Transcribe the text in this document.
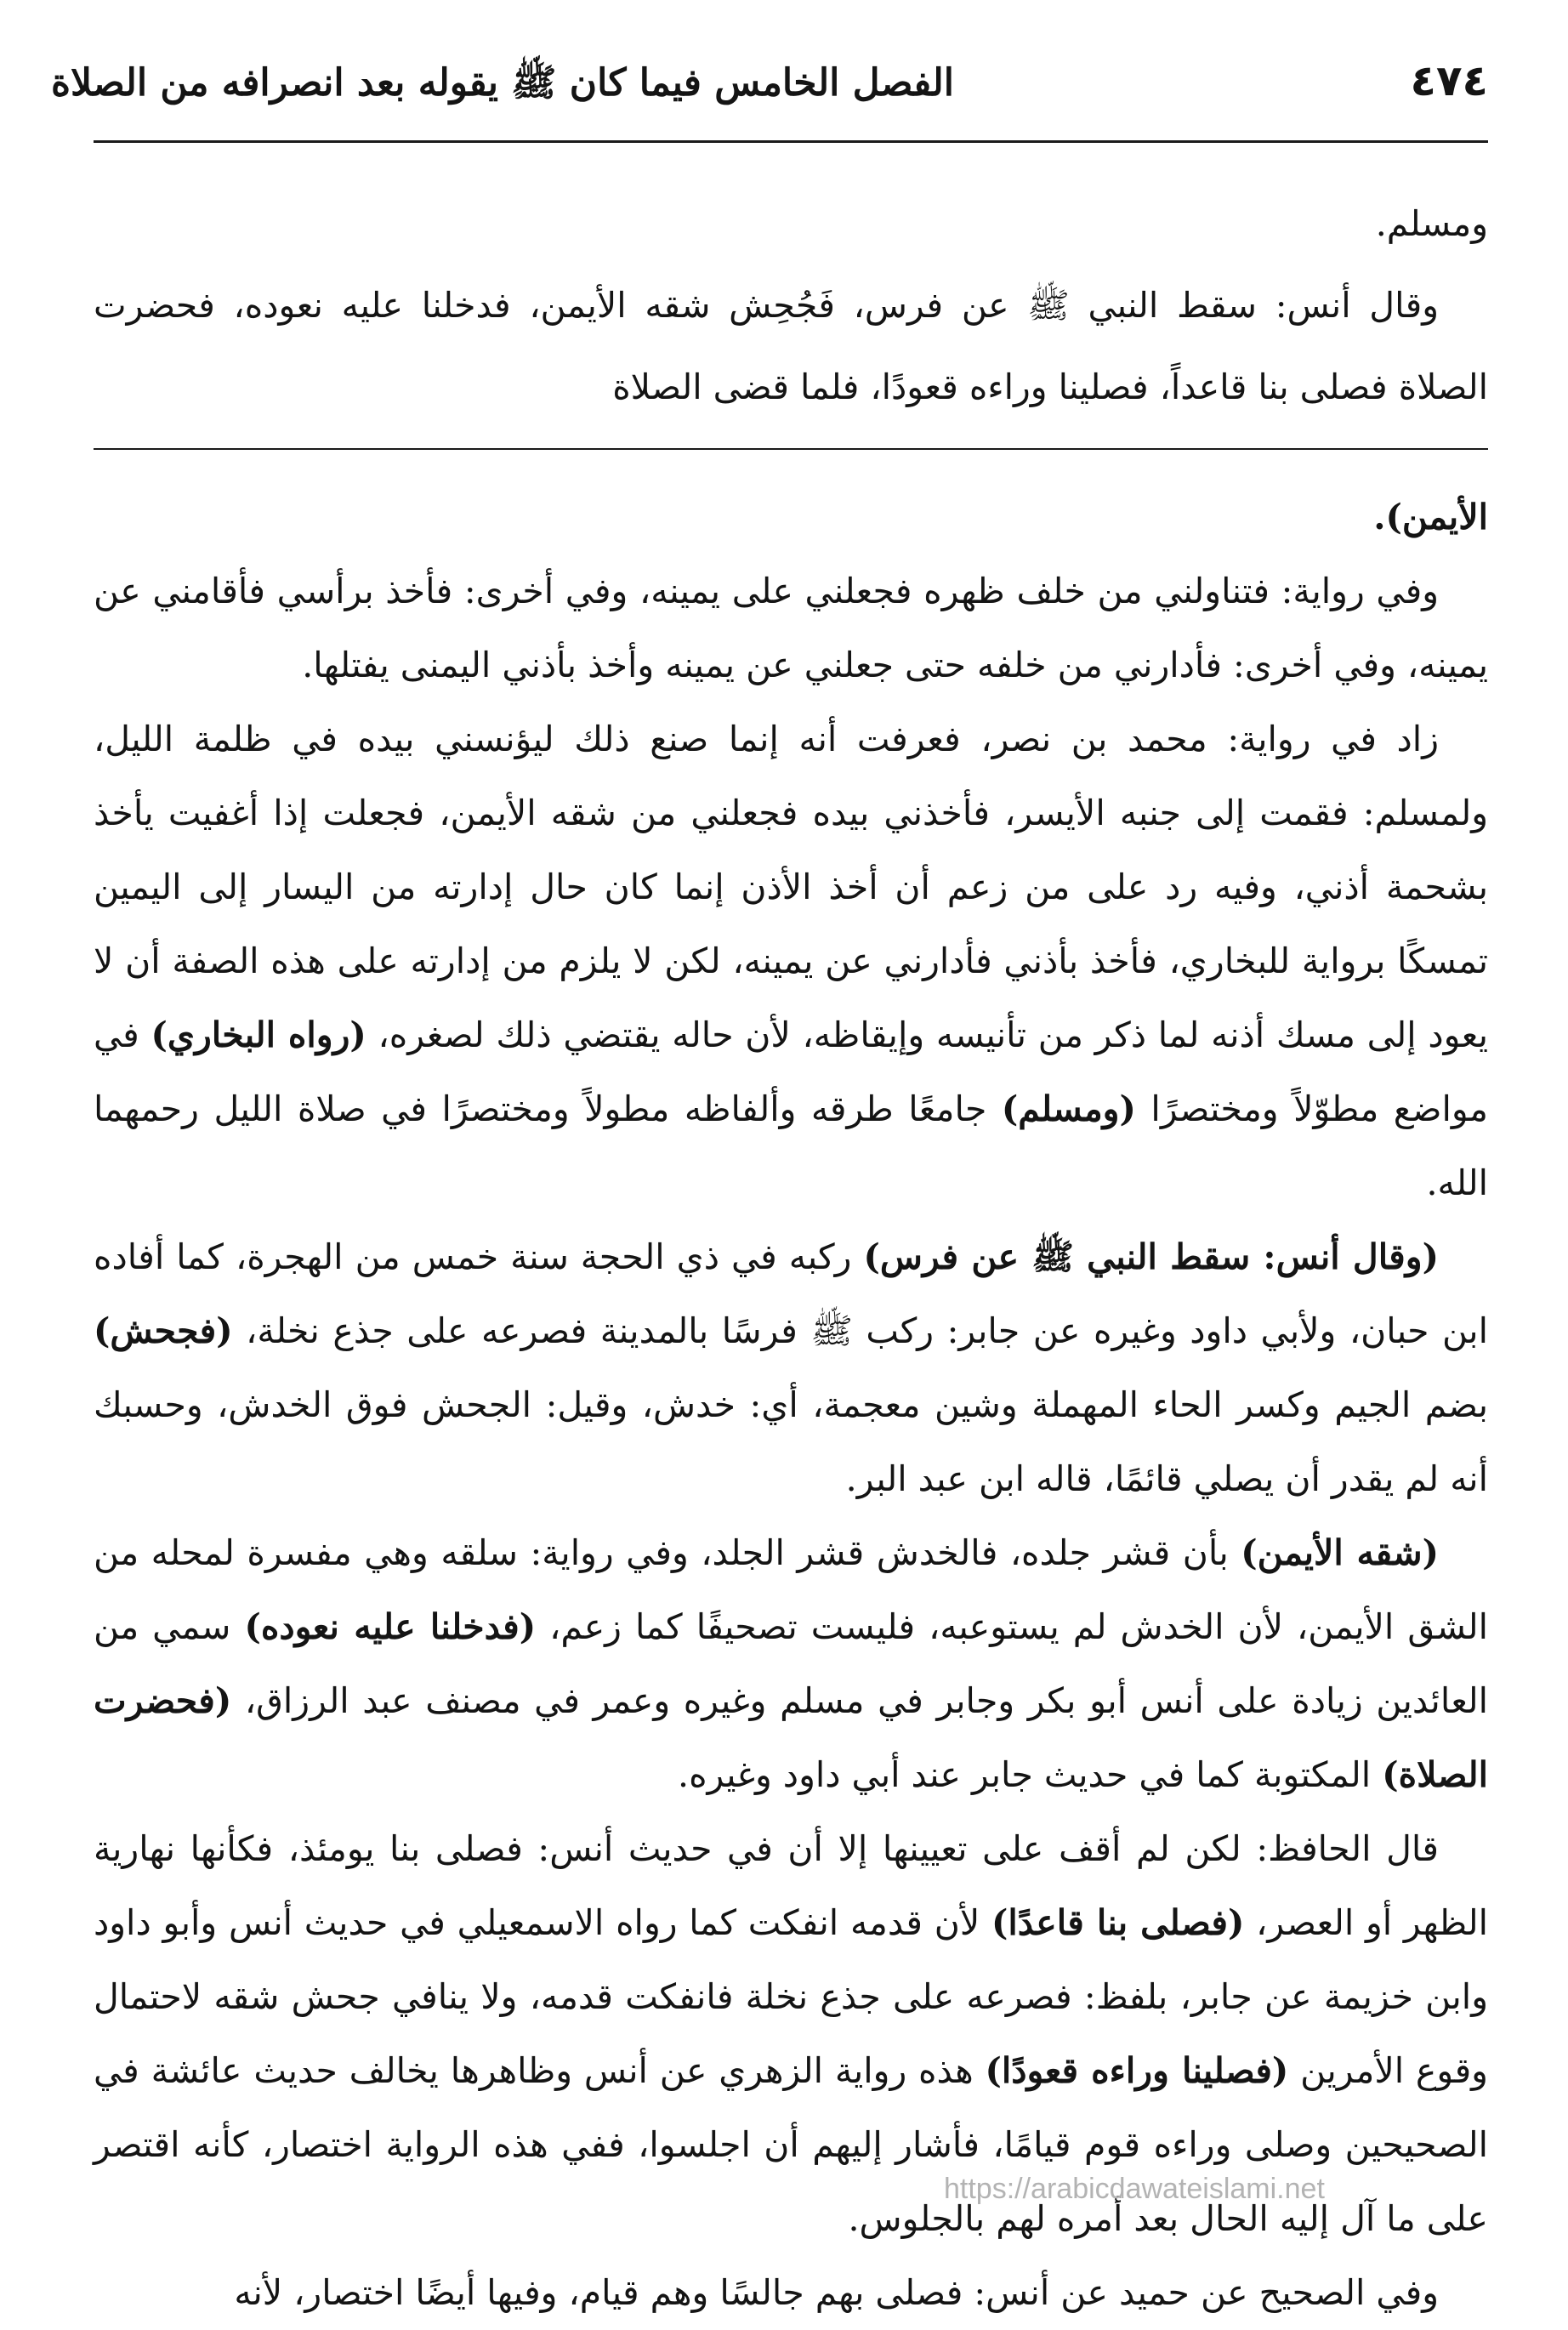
٤٧٤
الفصل الخامس فيما كان ﷺ يقوله بعد انصرافه من الصلاة

ومسلم.

وقال أنس: سقط النبي ﷺ عن فرس، فَجُحِش شقه الأيمن، فدخلنا عليه نعوده، فحضرت الصلاة فصلى بنا قاعداً، فصلينا وراءه قعودًا، فلما قضى الصلاة

الأيمن).

وفي رواية: فتناولني من خلف ظهره فجعلني على يمينه، وفي أخرى: فأخذ برأسي فأقامني عن يمينه، وفي أخرى: فأدارني من خلفه حتى جعلني عن يمينه وأخذ بأذني اليمنى يفتلها.

زاد في رواية: محمد بن نصر، فعرفت أنه إنما صنع ذلك ليؤنسني بيده في ظلمة الليل، ولمسلم: فقمت إلى جنبه الأيسر، فأخذني بيده فجعلني من شقه الأيمن، فجعلت إذا أغفيت يأخذ بشحمة أذني، وفيه رد على من زعم أن أخذ الأذن إنما كان حال إدارته من اليسار إلى اليمين تمسكًا برواية للبخاري، فأخذ بأذني فأدارني عن يمينه، لكن لا يلزم من إدارته على هذه الصفة أن لا يعود إلى مسك أذنه لما ذكر من تأنيسه وإيقاظه، لأن حاله يقتضي ذلك لصغره، (رواه البخاري) في مواضع مطوّلاً ومختصرًا (ومسلم) جامعًا طرقه وألفاظه مطولاً ومختصرًا في صلاة الليل رحمهما الله.

(وقال أنس: سقط النبي ﷺ عن فرس) ركبه في ذي الحجة سنة خمس من الهجرة، كما أفاده ابن حبان، ولأبي داود وغيره عن جابر: ركب ﷺ فرسًا بالمدينة فصرعه على جذع نخلة، (فجحش) بضم الجيم وكسر الحاء المهملة وشين معجمة، أي: خدش، وقيل: الجحش فوق الخدش، وحسبك أنه لم يقدر أن يصلي قائمًا، قاله ابن عبد البر.

(شقه الأيمن) بأن قشر جلده، فالخدش قشر الجلد، وفي رواية: سلقه وهي مفسرة لمحله من الشق الأيمن، لأن الخدش لم يستوعبه، فليست تصحيفًا كما زعم، (فدخلنا عليه نعوده) سمي من العائدين زيادة على أنس أبو بكر وجابر في مسلم وغيره وعمر في مصنف عبد الرزاق، (فحضرت الصلاة) المكتوبة كما في حديث جابر عند أبي داود وغيره.

قال الحافظ: لكن لم أقف على تعيينها إلا أن في حديث أنس: فصلى بنا يومئذ، فكأنها نهارية الظهر أو العصر، (فصلى بنا قاعدًا) لأن قدمه انفكت كما رواه الاسمعيلي في حديث أنس وأبو داود وابن خزيمة عن جابر، بلفظ: فصرعه على جذع نخلة فانفكت قدمه، ولا ينافي جحش شقه لاحتمال وقوع الأمرين (فصلينا وراءه قعودًا) هذه رواية الزهري عن أنس وظاهرها يخالف حديث عائشة في الصحيحين وصلى وراءه قوم قيامًا، فأشار إليهم أن اجلسوا، ففي هذه الرواية اختصار، كأنه اقتصر على ما آل إليه الحال بعد أمره لهم بالجلوس.

وفي الصحيح عن حميد عن أنس: فصلى بهم جالسًا وهم قيام، وفيها أيضًا اختصار، لأنه

https://arabicdawateislami.net
